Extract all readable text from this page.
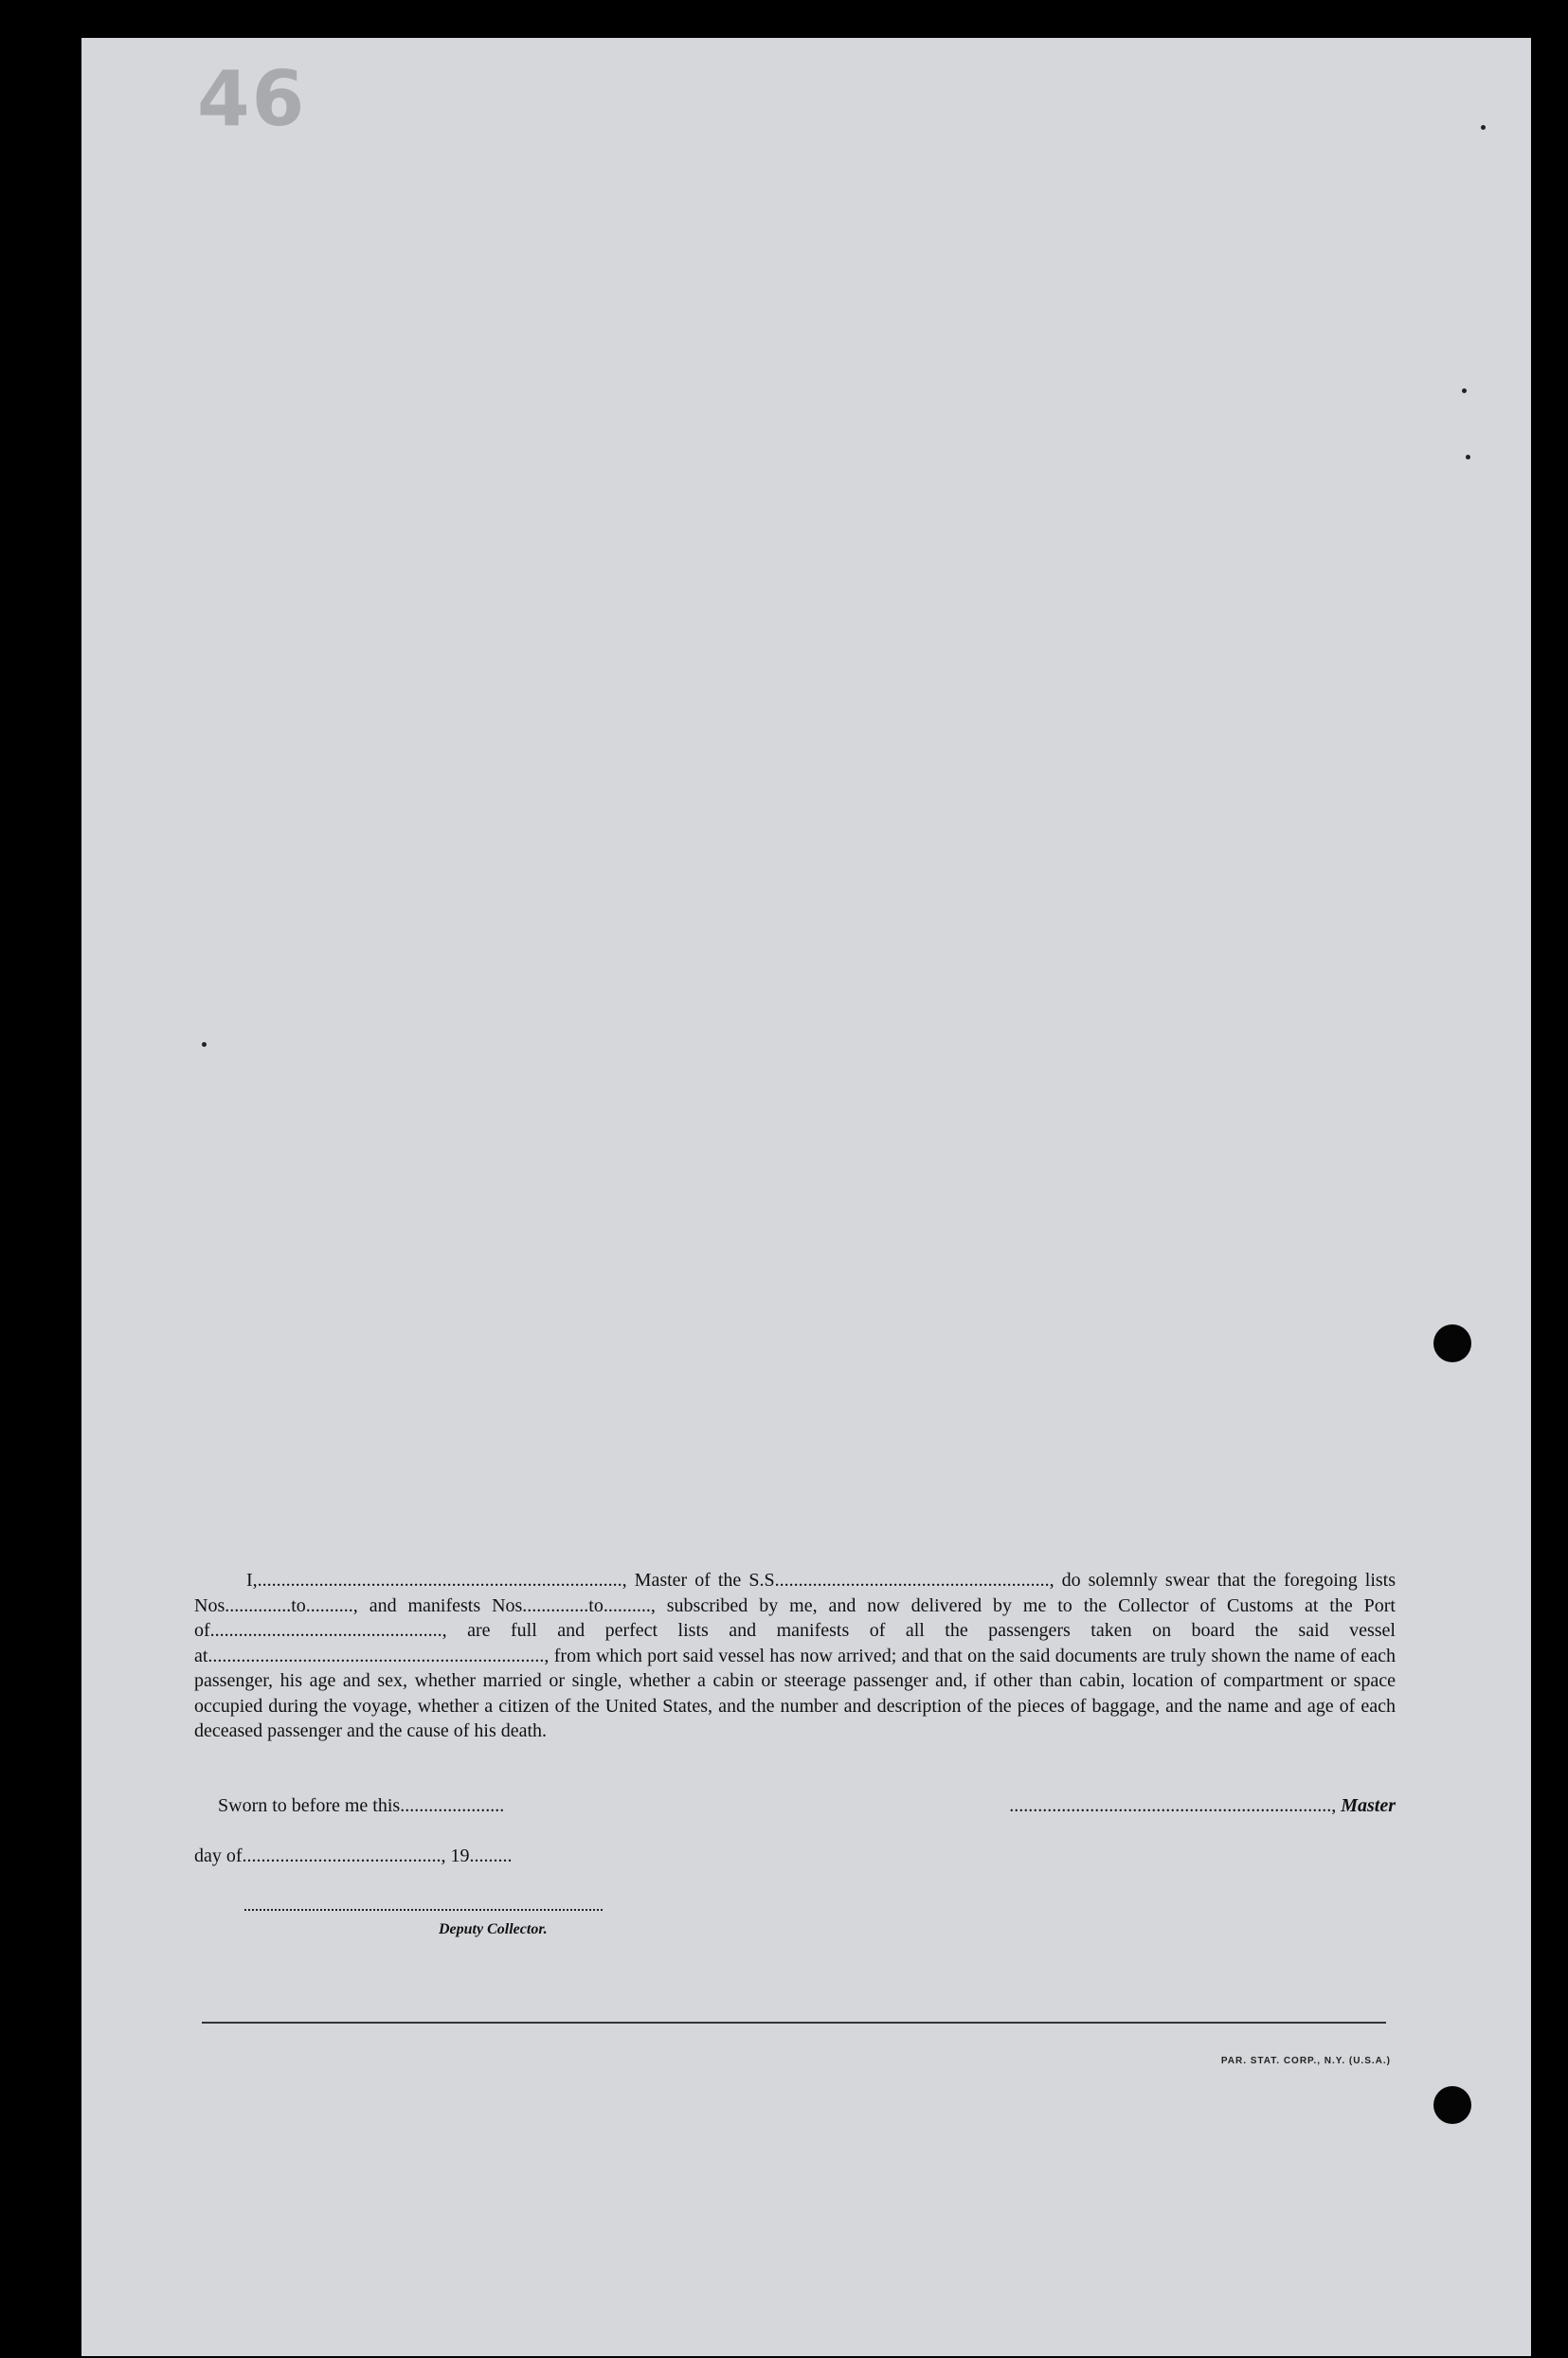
46

I,............................................................................., Master of the S.S.........................................................., do solemnly swear that the foregoing lists Nos..............to.........., and manifests Nos..............to.........., subscribed by me, and now delivered by me to the Collector of Customs at the Port of................................................., are full and perfect lists and manifests of all the passengers taken on board the said vessel at......................................................................., from which port said vessel has now arrived; and that on the said documents are truly shown the name of each passenger, his age and sex, whether married or single, whether a cabin or steerage passenger and, if other than cabin, location of compartment or space occupied during the voyage, whether a citizen of the United States, and the number and description of the pieces of baggage, and the name and age of each deceased passenger and the cause of his death.

Sworn to before me this......................	...................................................................., Master
day of.........................................., 19.........
Deputy Collector.
PAR. STAT. CORP., N.Y. (U.S.A.)
